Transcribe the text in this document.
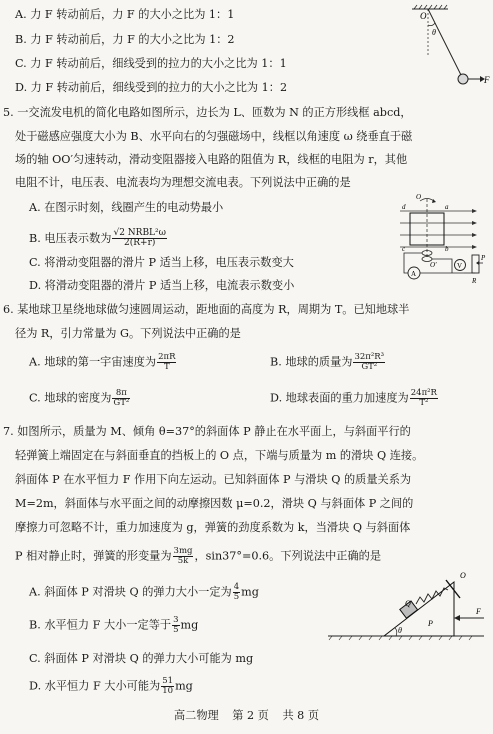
A. 力 F 转动前后，力 F 的大小之比为 1：1
B. 力 F 转动前后，力 F 的大小之比为 1：2
C. 力 F 转动前后，细线受到的拉力的大小之比为 1：1
D. 力 F 转动前后，细线受到的拉力的大小之比为 1：2
O
θ
F
5. 一交流发电机的简化电路如图所示，边长为 L、匝数为 N 的正方形线框 abcd，
处于磁感应强度大小为 B、水平向右的匀强磁场中，线框以角速度 ω 绕垂直于磁
场的轴 OO′匀速转动，滑动变阻器接入电路的阻值为 R，线框的电阻为 r，其他
电阻不计，电压表、电流表均为理想交流电表。下列说法中正确的是
A. 在图示时刻，线圈产生的电动势最小
B. 电压表示数为 $\frac{\text{√2 NRBL²ω}}{2(R+r)}$
C. 将滑动变阻器的滑片 P 适当上移，电压表示数变大
D. 将滑动变阻器的滑片 P 适当上移，电流表示数变小
d	a
c	b
O
O′
A
V
P
R
6. 某地球卫星绕地球做匀速圆周运动，距地面的高度为 R，周期为 T。已知地球半
径为 R，引力常量为 G。下列说法中正确的是
A. 地球的第一宇宙速度为 $\frac{2\pi R}{T}$	B. 地球的质量为 $\frac{\text{32π²R³}}{\text{GT²}}$
C. 地球的密度为 $\frac{8\pi}{\text{GT²}}$	D. 地球表面的重力加速度为 $\frac{\text{24π²R}}{\text{T²}}$
7. 如图所示，质量为 M、倾角 θ=37°的斜面体 P 静止在水平面上，与斜面平行的
轻弹簧上端固定在与斜面垂直的挡板上的 O 点，下端与质量为 m 的滑块 Q 连接。
斜面体 P 在水平恒力 F 作用下向左运动。已知斜面体 P 与滑块 Q 的质量关系为
M=2m，斜面体与水平面之间的动摩擦因数 μ=0.2，滑块 Q 与斜面体 P 之间的
摩擦力可忽略不计，重力加速度为 g，弹簧的劲度系数为 k，当滑块 Q 与斜面体
P 相对静止时，弹簧的形变量为 $\frac{3mg}{5k}$ ，sin37°=0.6。下列说法中正确的是
A. 斜面体 P 对滑块 Q 的弹力大小一定为 $\frac{4}{5}$ mg
B. 水平恒力 F 大小一定等于 $\frac{3}{5}$ mg
C. 斜面体 P 对滑块 Q 的弹力大小可能为 mg
D. 水平恒力 F 大小可能为 $\frac{51}{10}$ mg
θ
Q
P
O
F
高二物理 第 2 页 共 8 页
